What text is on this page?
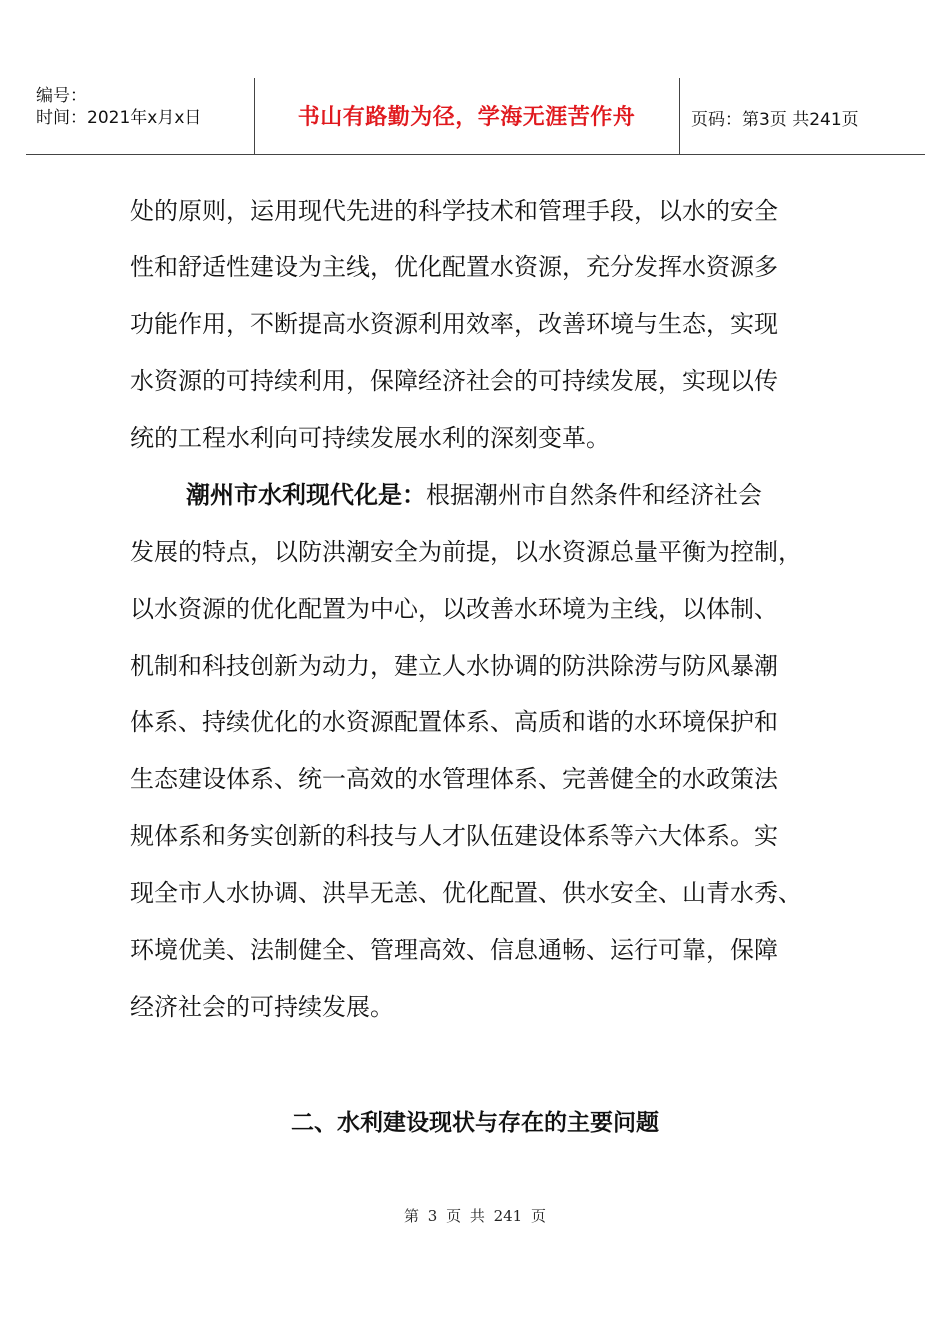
编号：
时间：2021年x月x日	书山有路勤为径，学海无涯苦作舟	页码：第3页 共241页
处的原则，运用现代先进的科学技术和管理手段，以水的安全
性和舒适性建设为主线，优化配置水资源，充分发挥水资源多
功能作用，不断提高水资源利用效率，改善环境与生态，实现
水资源的可持续利用，保障经济社会的可持续发展，实现以传
统的工程水利向可持续发展水利的深刻变革。
潮州市水利现代化是：根据潮州市自然条件和经济社会
发展的特点，以防洪潮安全为前提，以水资源总量平衡为控制，
以水资源的优化配置为中心，以改善水环境为主线，以体制、
机制和科技创新为动力，建立人水协调的防洪除涝与防风暴潮
体系、持续优化的水资源配置体系、高质和谐的水环境保护和
生态建设体系、统一高效的水管理体系、完善健全的水政策法
规体系和务实创新的科技与人才队伍建设体系等六大体系。实
现全市人水协调、洪旱无恙、优化配置、供水安全、山青水秀、
环境优美、法制健全、管理高效、信息通畅、运行可靠，保障
经济社会的可持续发展。
二、水利建设现状与存在的主要问题
第 3 页 共 241 页
